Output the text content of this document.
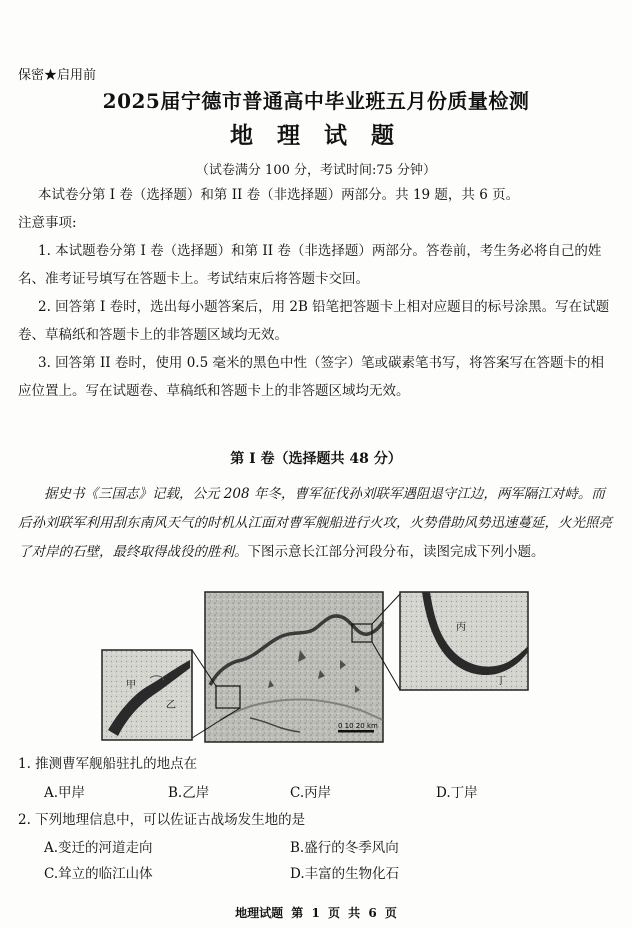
保密★启用前
2025届宁德市普通高中毕业班五月份质量检测
地 理 试 题
（试卷满分 100 分，考试时间:75 分钟）
本试卷分第 I 卷（选择题）和第 II 卷（非选择题）两部分。共 19 题，共 6 页。
注意事项:
1. 本试题卷分第 I 卷（选择题）和第 II 卷（非选择题）两部分。答卷前，考生务必将自己的姓名、准考证号填写在答题卡上。考试结束后将答题卡交回。
2. 回答第 I 卷时，选出每小题答案后，用 2B 铅笔把答题卡上相对应题目的标号涂黑。写在试题卷、草稿纸和答题卡上的非答题区域均无效。
3. 回答第 II 卷时，使用 0.5 毫米的黑色中性（签字）笔或碳素笔书写，将答案写在答题卡的相应位置上。写在试题卷、草稿纸和答题卡上的非答题区域均无效。
第 I 卷（选择题共 48 分）
据史书《三国志》记载，公元 208 年冬，曹军征伐孙刘联军遇阻退守江边，两军隔江对峙。而后孙刘联军利用刮东南风天气的时机从江面对曹军舰船进行火攻，火势借助风势迅速蔓延，火光照亮了对岸的石壁，最终取得战役的胜利。下图示意长江部分河段分布，读图完成下列小题。
0 10 20 km
甲
乙
丙
丁
1. 推测曹军舰船驻扎的地点在
A.甲岸	B.乙岸	C.丙岸	D.丁岸
2. 下列地理信息中，可以佐证古战场发生地的是
A.变迁的河道走向	B.盛行的冬季风向
C.耸立的临江山体	D.丰富的生物化石
地理试题 第 1 页 共 6 页
